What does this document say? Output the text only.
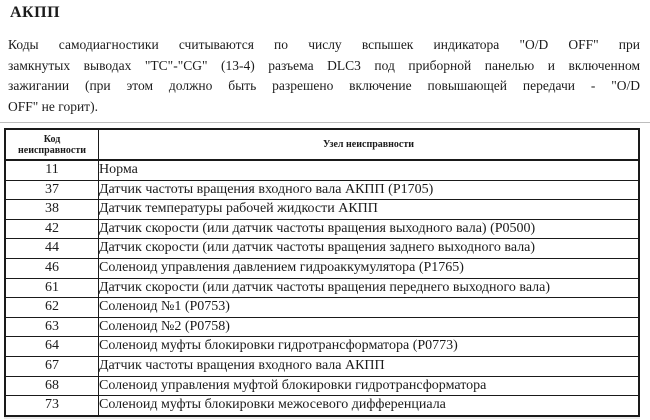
АКПП
Коды самодиагностики считываются по числу вспышек индикатора "O/D OFF" при
замкнутых выводах "TC"-"CG" (13-4) разъема DLC3 под приборной панелью и включенном
зажигании (при этом должно быть разрешено включение повышающей передачи - "O/D
OFF" не горит).
Код неисправности	Узел неисправности
11	Норма
37	Датчик частоты вращения входного вала АКПП (P1705)
38	Датчик температуры рабочей жидкости АКПП
42	Датчик скорости (или датчик частоты вращения выходного вала) (P0500)
44	Датчик скорости (или датчик частоты вращения заднего выходного вала)
46	Соленоид управления давлением гидроаккумулятора (P1765)
61	Датчик скорости (или датчик частоты вращения переднего выходного вала)
62	Соленоид №1 (P0753)
63	Соленоид №2 (P0758)
64	Соленоид муфты блокировки гидротрансформатора (P0773)
67	Датчик частоты вращения входного вала АКПП
68	Соленоид управления муфтой блокировки гидротрансформатора
73	Соленоид муфты блокировки межосевого дифференциала
